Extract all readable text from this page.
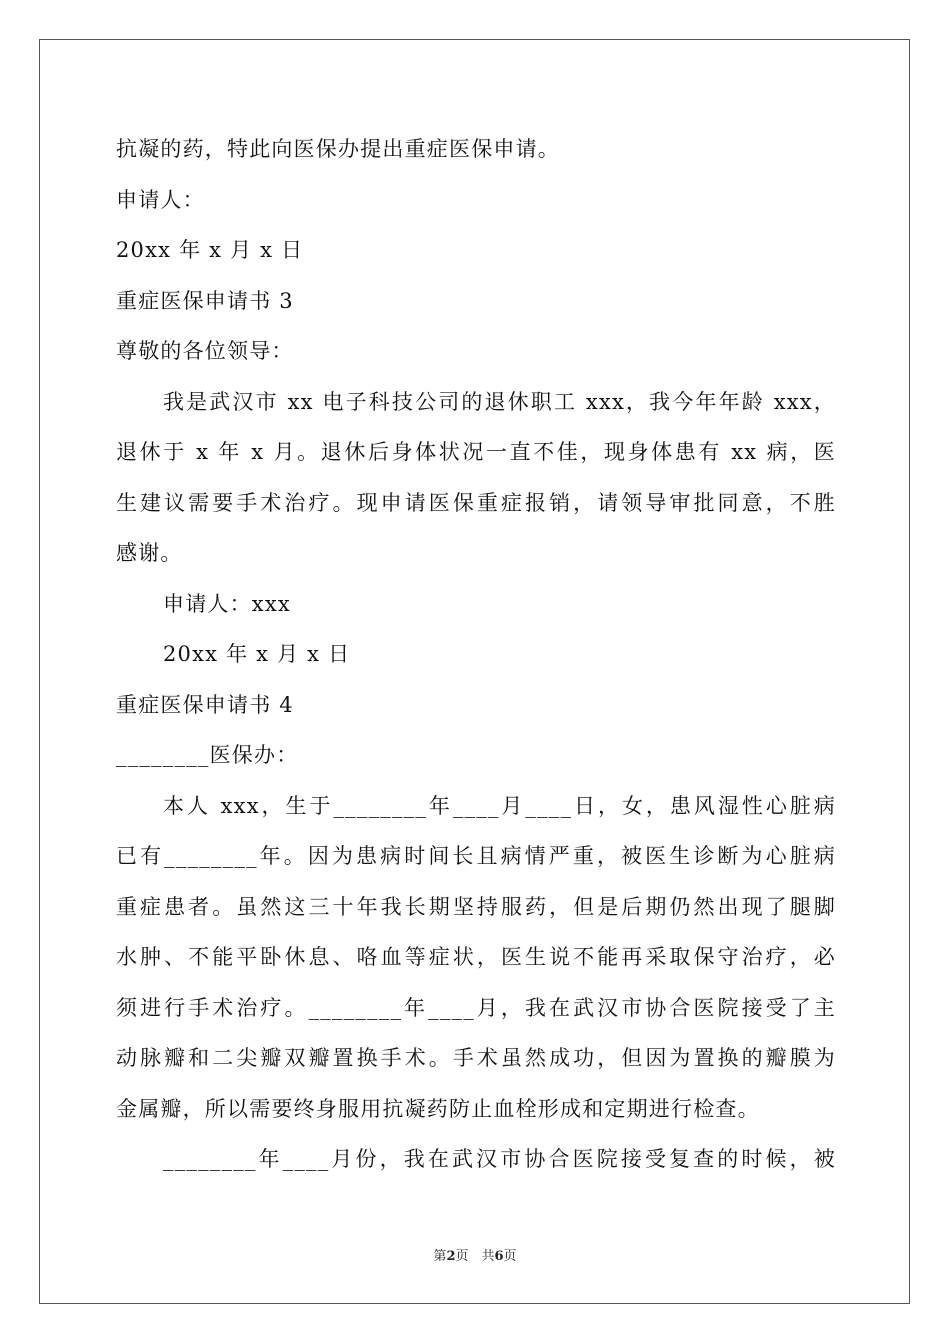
抗凝的药，特此向医保办提出重症医保申请。
申请人：
20xx 年 x 月 x 日
重症医保申请书 3
尊敬的各位领导：
我是武汉市 xx 电子科技公司的退休职工 xxx，我今年年龄 xxx，
退休于 x 年 x 月。退休后身体状况一直不佳，现身体患有 xx 病，医
生建议需要手术治疗。现申请医保重症报销，请领导审批同意，不胜
感谢。
申请人：xxx
20xx 年 x 月 x 日
重症医保申请书 4
________医保办：
本人 xxx，生于________年____月____日，女，患风湿性心脏病
已有________年。因为患病时间长且病情严重，被医生诊断为心脏病
重症患者。虽然这三十年我长期坚持服药，但是后期仍然出现了腿脚
水肿、不能平卧休息、咯血等症状，医生说不能再采取保守治疗，必
须进行手术治疗。________年____月，我在武汉市协合医院接受了主
动脉瓣和二尖瓣双瓣置换手术。手术虽然成功，但因为置换的瓣膜为
金属瓣，所以需要终身服用抗凝药防止血栓形成和定期进行检查。
________年____月份，我在武汉市协合医院接受复查的时候，被
第2页　共6页
